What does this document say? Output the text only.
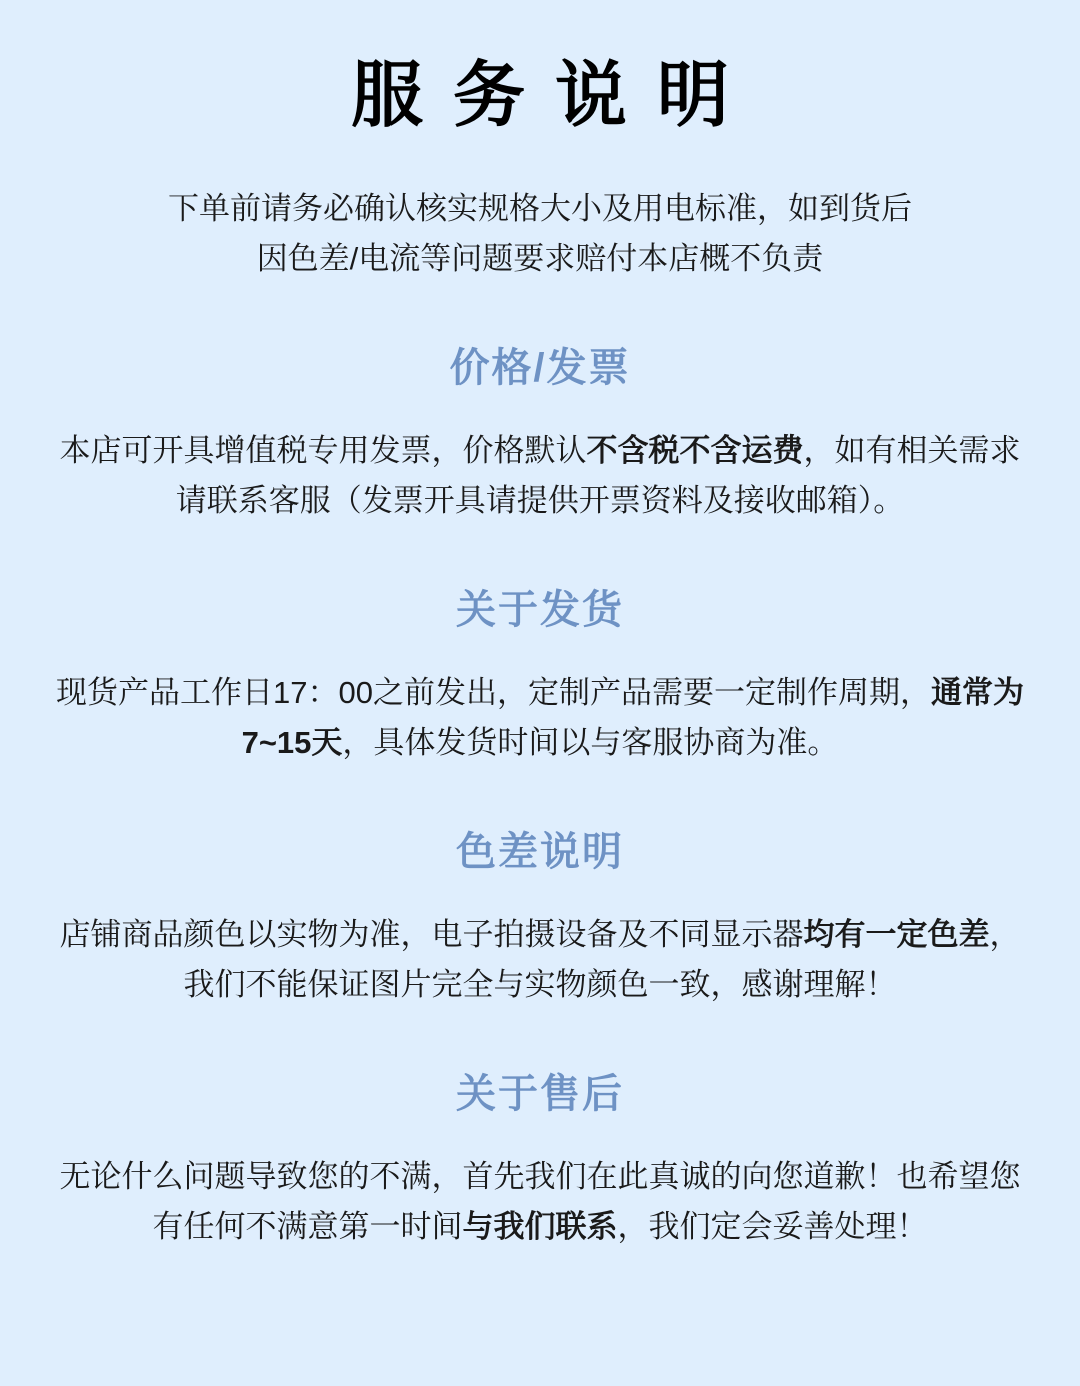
服务说明

下单前请务必确认核实规格大小及用电标准，如到货后
因色差/电流等问题要求赔付本店概不负责

价格/发票

本店可开具增值税专用发票，价格默认不含税不含运费，如有相关需求请联系客服（发票开具请提供开票资料及接收邮箱）。

关于发货

现货产品工作日17：00之前发出，定制产品需要一定制作周期，通常为7~15天，具体发货时间以与客服协商为准。

色差说明

店铺商品颜色以实物为准，电子拍摄设备及不同显示器均有一定色差，我们不能保证图片完全与实物颜色一致，感谢理解！

关于售后

无论什么问题导致您的不满，首先我们在此真诚的向您道歉！也希望您有任何不满意第一时间与我们联系，我们定会妥善处理！
